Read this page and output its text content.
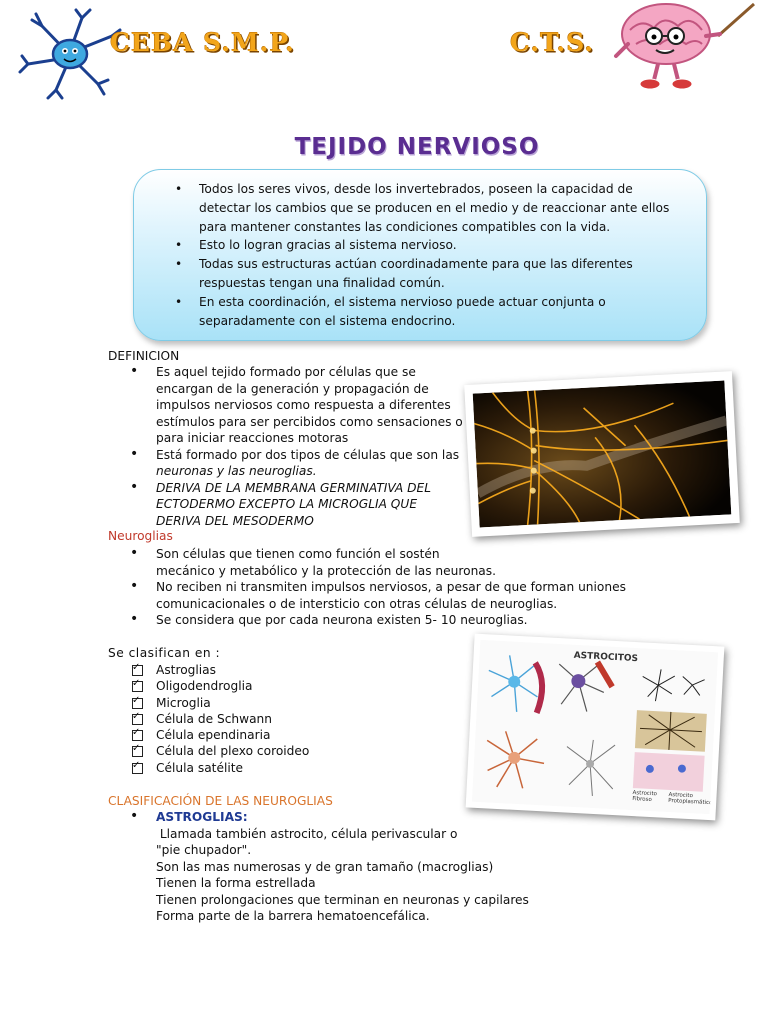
CEBA S.M.P.	C.T.S.
TEJIDO NERVIOSO
• Todos los seres vivos, desde los invertebrados, poseen la capacidad de detectar los cambios que se producen en el medio y de reaccionar ante ellos para mantener constantes las condiciones compatibles con la vida.
• Esto lo logran gracias al sistema nervioso.
• Todas sus estructuras actúan coordinadamente para que las diferentes respuestas tengan una finalidad común.
• En esta coordinación, el sistema nervioso puede actuar conjunta o separadamente con el sistema endocrino.
DEFINICION
• Es aquel tejido formado por células que se
encargan de la generación y propagación de
impulsos nerviosos como respuesta a diferentes
estímulos para ser percibidos como sensaciones o
para iniciar reacciones motoras
• Está formado por dos tipos de células que son las
neuronas y las neuroglias.
• DERIVA DE LA MEMBRANA GERMINATIVA DEL
ECTODERMO EXCEPTO LA MICROGLIA QUE
DERIVA DEL MESODERMO
Neuroglias
• Son células que tienen como función el sostén
mecánico y metabólico y la protección de las neuronas.
• No reciben ni transmiten impulsos nerviosos, a pesar de que forman uniones
comunicacionales o de intersticio con otras células de neuroglias.
• Se considera que por cada neurona existen 5- 10 neuroglias.
Se clasifican en :
Astroglias ✓
Oligodendroglia ✓
Microglia ✓
Célula de Schwann ✓
Célula ependinaria ✓
Célula del plexo coroideo ✓
Célula satélite ✓
ASTROCITOS
Astrocito Fibroso
Astrocito Protoplasmático
CLASIFICACIÓN DE LAS NEUROGLIAS
• ASTROGLIAS:
Llamada también astrocito, célula perivascular o
"pie chupador".
Son las mas numerosas y de gran tamaño (macroglias)
Tienen la forma estrellada
Tienen prolongaciones que terminan en neuronas y capilares
Forma parte de la barrera hematoencefálica.
